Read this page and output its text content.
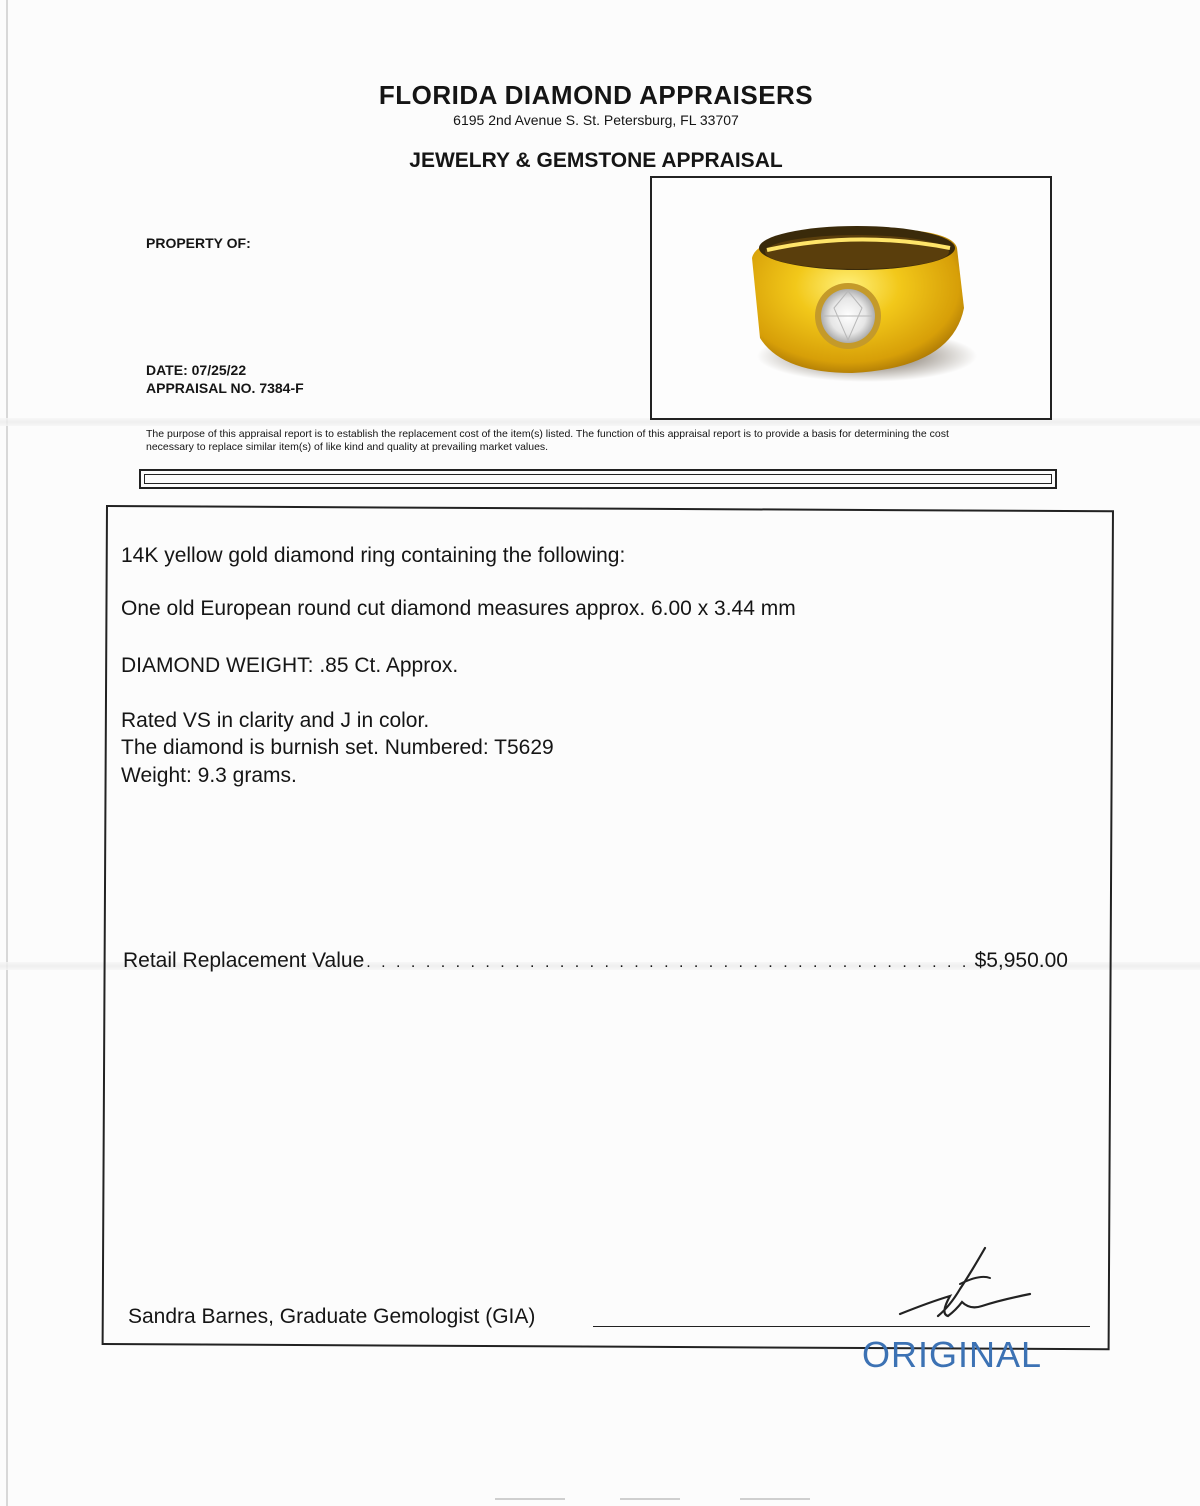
FLORIDA DIAMOND APPRAISERS
6195 2nd Avenue S. St. Petersburg, FL 33707
JEWELRY & GEMSTONE APPRAISAL
PROPERTY OF:
DATE: 07/25/22
APPRAISAL NO. 7384-F
The purpose of this appraisal report is to establish the replacement cost of the item(s) listed. The function of this appraisal report is to provide a basis for determining the cost
necessary to replace similar item(s) of like kind and quality at prevailing market values.
14K yellow gold diamond ring containing the following:
One old European round cut diamond measures approx. 6.00 x 3.44 mm
DIAMOND WEIGHT: .85 Ct. Approx.
Rated VS in clarity and J in color.
The diamond is burnish set. Numbered: T5629
Weight: 9.3 grams.
Retail Replacement Value
. . .	$5,950.00
Sandra Barnes, Graduate Gemologist (GIA)
ORIGINAL
